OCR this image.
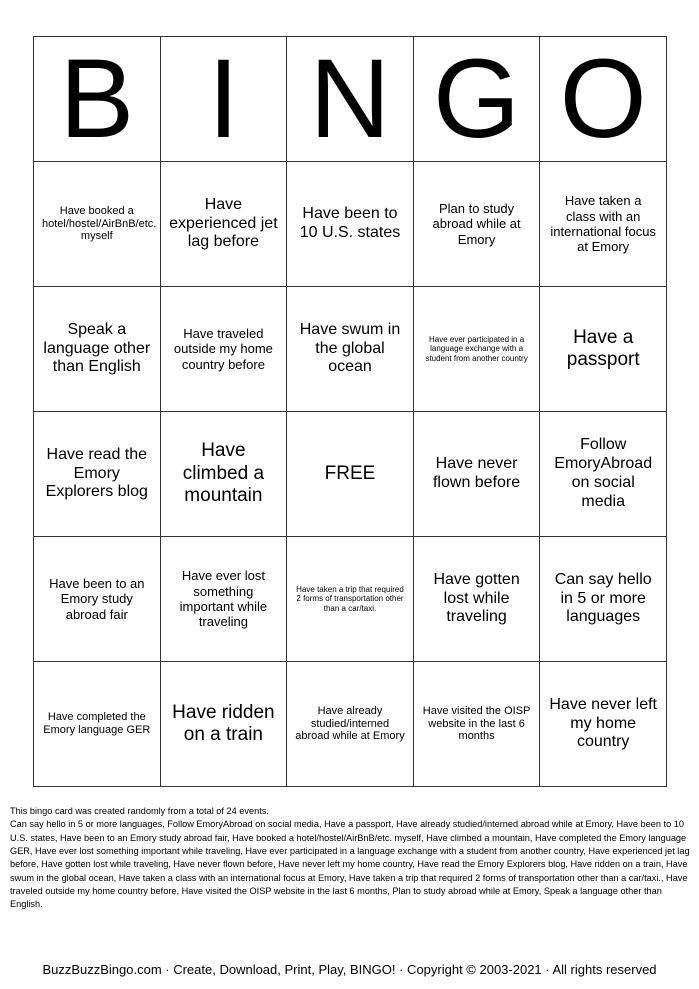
B	I	N	G	O
Have booked a hotel/hostel/AirBnB/etc. myself	Have experienced jet lag before	Have been to 10 U.S. states	Plan to study abroad while at Emory	Have taken a class with an international focus at Emory
Speak a language other than English	Have traveled outside my home country before	Have swum in the global ocean	Have ever participated in a language exchange with a student from another country	Have a passport
Have read the Emory Explorers blog	Have climbed a mountain	FREE	Have never flown before	Follow EmoryAbroad on social media
Have been to an Emory study abroad fair	Have ever lost something important while traveling	Have taken a trip that required 2 forms of transportation other than a car/taxi.	Have gotten lost while traveling	Can say hello in 5 or more languages
Have completed the Emory language GER	Have ridden on a train	Have already studied/interned abroad while at Emory	Have visited the OISP website in the last 6 months	Have never left my home country
This bingo card was created randomly from a total of 24 events.
Can say hello in 5 or more languages, Follow EmoryAbroad on social media, Have a passport, Have already studied/interned abroad while at Emory, Have been to 10 U.S. states, Have been to an Emory study abroad fair, Have booked a hotel/hostel/AirBnB/etc. myself, Have climbed a mountain, Have completed the Emory language GER, Have ever lost something important while traveling, Have ever participated in a language exchange with a student from another country, Have experienced jet lag before, Have gotten lost while traveling, Have never flown before, Have never left my home country, Have read the Emory Explorers blog, Have ridden on a train, Have swum in the global ocean, Have taken a class with an international focus at Emory, Have taken a trip that required 2 forms of transportation other than a car/taxi., Have traveled outside my home country before, Have visited the OISP website in the last 6 months, Plan to study abroad while at Emory, Speak a language other than English.
BuzzBuzzBingo.com · Create, Download, Print, Play, BINGO! · Copyright © 2003-2021 · All rights reserved
